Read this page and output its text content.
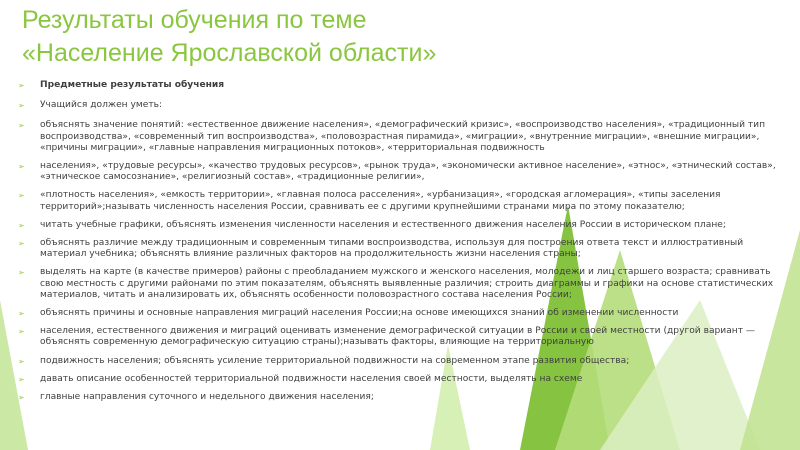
Результаты обучения по теме
«Население Ярославской области»
➢ Предметные результаты обучения
➢ Учащийся должен уметь:
➢ объяснять значение понятий: «естественное движение населения», «демографический кризис», «воспроизводство населения», «традиционный тип воспроизводства», «современный тип воспроизводства», «половозрастная пирамида», «миграции», «внутренние миграции», «внешние миграции», «причины миграции», «главные направления миграционных потоков», «территориальная подвижность
➢ населения», «трудовые ресурсы», «качество трудовых ресурсов», «рынок труда», «экономически активное население», «этнос», «этнический состав», «этническое самосознание», «религиозный состав», «традиционные религии»,
➢ «плотность населения», «емкость территории», «главная полоса расселения», «урбанизация», «городская агломерация», «типы заселения территорий»;называть численность населения России, сравнивать ее с другими крупнейшими странами мира по этому показателю;
➢ читать учебные графики, объяснять изменения численности населения и естественного движения населения России в историческом плане;
➢ объяснять различие между традиционным и современным типами воспроизводства, используя для построения ответа текст и иллюстративный материал учебника; объяснять влияние различных факторов на продолжительность жизни населения страны;
➢ выделять на карте (в качестве примеров) районы с преобладанием мужского и женского населения, молодежи и лиц старшего возраста; сравнивать свою местность с другими районами по этим показателям, объяснять выявленные различия; строить диаграммы и графики на основе статистических материалов, читать и анализировать их, объяснять особенности половозрастного состава населения России;
➢ объяснять причины и основные направления миграций населения России;на основе имеющихся знаний об изменении численности
➢ населения, естественного движения и миграций оценивать изменение демографической ситуации в России и своей местности (другой вариант — объяснять современную демографическую ситуацию страны);называть факторы, влияющие на территориальную
➢ подвижность населения; объяснять усиление территориальной подвижности на современном этапе развития общества;
➢ давать описание особенностей территориальной подвижности населения своей местности, выделять на схеме
➢ главные направления суточного и недельного движения населения;
